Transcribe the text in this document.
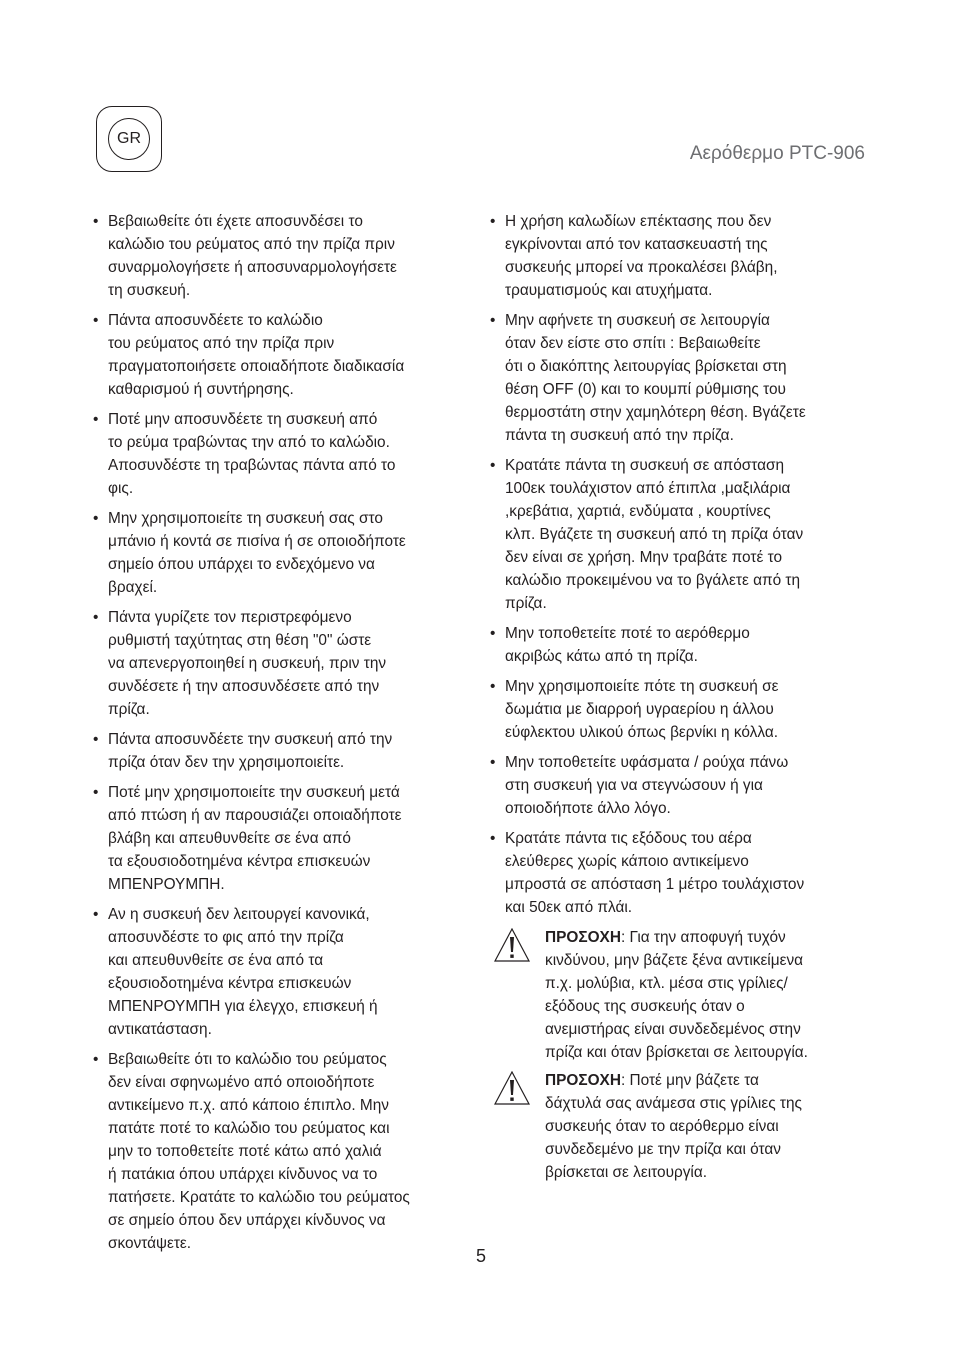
GR
Αερόθερμο PTC-906
• Βεβαιωθείτε ότι έχετε αποσυνδέσει το
καλώδιο του ρεύματος από την πρίζα πριν
συναρμολογήσετε ή αποσυναρμολογήσετε
τη συσκευή.
• Πάντα αποσυνδέετε το καλώδιο
του ρεύματος από την πρίζα πριν
πραγματοποιήσετε οποιαδήποτε διαδικασία
καθαρισμού ή συντήρησης.
• Ποτέ μην αποσυνδέετε τη συσκευή από
το ρεύμα τραβώντας την από το καλώδιο.
Αποσυνδέστε τη τραβώντας πάντα από το
φις.
• Μην χρησιμοποιείτε τη συσκευή σας στο
μπάνιο ή κοντά σε πισίνα ή σε οποιοδήποτε
σημείο όπου υπάρχει το ενδεχόμενο να
βραχεί.
• Πάντα γυρίζετε τον περιστρεφόμενο
ρυθμιστή ταχύτητας στη θέση "0" ώστε
να απενεργοποιηθεί η συσκευή, πριν την
συνδέσετε ή την αποσυνδέσετε από την
πρίζα.
• Πάντα αποσυνδέετε την συσκευή από την
πρίζα όταν δεν την χρησιμοποιείτε.
• Ποτέ μην χρησιμοποιείτε την συσκευή μετά
από πτώση ή αν παρουσιάζει οποιαδήποτε
βλάβη και απευθυνθείτε σε ένα από
τα εξουσιοδοτημένα κέντρα επισκευών
ΜΠΕΝΡΟΥΜΠΗ.
• Αν η συσκευή δεν λειτουργεί κανονικά,
αποσυνδέστε το φις από την πρίζα
και απευθυνθείτε σε ένα από τα
εξουσιοδοτημένα κέντρα επισκευών
ΜΠΕΝΡΟΥΜΠΗ για έλεγχο, επισκευή ή
αντικατάσταση.
• Βεβαιωθείτε ότι το καλώδιο του ρεύματος
δεν είναι σφηνωμένο από οποιοδήποτε
αντικείμενο π.χ. από κάποιο έπιπλο. Μην
πατάτε ποτέ το καλώδιο του ρεύματος και
μην το τοποθετείτε ποτέ κάτω από χαλιά
ή πατάκια όπου υπάρχει κίνδυνος να το
πατήσετε. Κρατάτε το καλώδιο του ρεύματος
σε σημείο όπου δεν υπάρχει κίνδυνος να
σκοντάψετε.
• Η χρήση καλωδίων επέκτασης που δεν
εγκρίνονται από τον κατασκευαστή της
συσκευής μπορεί να προκαλέσει βλάβη,
τραυματισμούς και ατυχήματα.
• Μην αφήνετε τη συσκευή σε λειτουργία
όταν δεν είστε στο σπίτι : Βεβαιωθείτε
ότι ο διακόπτης λειτουργίας βρίσκεται στη
θέση OFF (0) και το κουμπί ρύθμισης του
θερμοστάτη στην χαμηλότερη θέση. Βγάζετε
πάντα τη συσκευή από την πρίζα.
• Κρατάτε πάντα τη συσκευή σε απόσταση
100εκ τουλάχιστον από έπιπλα ,μαξιλάρια
,κρεβάτια, χαρτιά, ενδύματα , κουρτίνες
κλπ. Βγάζετε τη συσκευή από τη πρίζα όταν
δεν είναι σε χρήση. Μην τραβάτε ποτέ το
καλώδιο προκειμένου να το βγάλετε από τη
πρίζα.
• Μην τοποθετείτε ποτέ το αερόθερμο
ακριβώς κάτω από τη πρίζα.
• Μην χρησιμοποιείτε πότε τη συσκευή σε
δωμάτια με διαρροή υγραερίου η άλλου
εύφλεκτου υλικού όπως βερνίκι η κόλλα.
• Μην τοποθετείτε υφάσματα / ρούχα πάνω
στη συσκευή για να στεγνώσουν ή για
οποιοδήποτε άλλο λόγο.
• Κρατάτε πάντα τις εξόδους του αέρα
ελεύθερες χωρίς κάποιο αντικείμενο
μπροστά σε απόσταση 1 μέτρο τουλάχιστον
και 50εκ από πλάι.

ΠΡΟΣΟΧΗ: Για την αποφυγή τυχόν
κινδύνου, μην βάζετε ξένα αντικείμενα
π.χ. μολύβια, κτλ. μέσα στις γρίλιες/
εξόδους της συσκευής όταν ο
ανεμιστήρας είναι συνδεδεμένος στην
πρίζα και όταν βρίσκεται σε λειτουργία.

ΠΡΟΣΟΧΗ: Ποτέ μην βάζετε τα
δάχτυλά σας ανάμεσα στις γρίλιες της
συσκευής όταν το αερόθερμο είναι
συνδεδεμένο με την πρίζα και όταν
βρίσκεται σε λειτουργία.

5
